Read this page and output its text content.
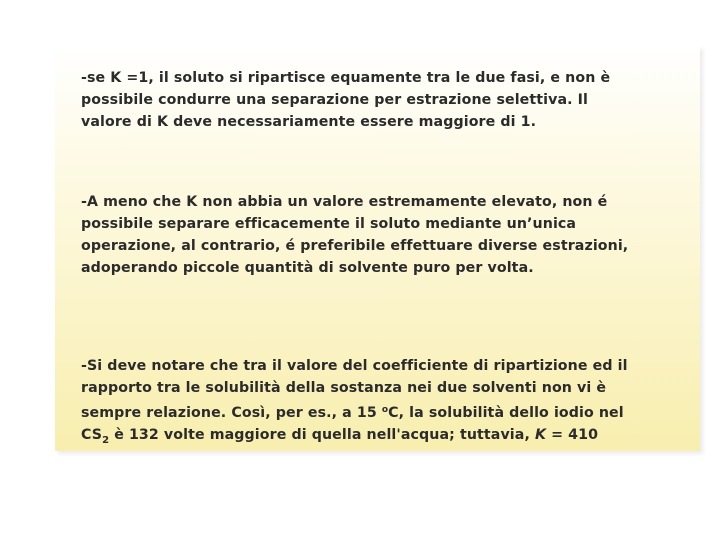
-se K =1, il soluto si ripartisce equamente tra le due fasi, e non è
possibile condurre una separazione per estrazione selettiva. Il
valore di K deve necessariamente essere maggiore di 1.

-A meno che K non abbia un valore estremamente elevato, non é
possibile separare efficacemente il soluto mediante un’unica
operazione, al contrario, é preferibile effettuare diverse estrazioni,
adoperando piccole quantità di solvente puro per volta.

-Si deve notare che tra il valore del coefficiente di ripartizione ed il
rapporto tra le solubilità della sostanza nei due solventi non vi è
sempre relazione. Così, per es., a 15 $^o$C, la solubilità dello iodio nel
$CS_2$ è 132 volte maggiore di quella nell'acqua; tuttavia, K = 410
